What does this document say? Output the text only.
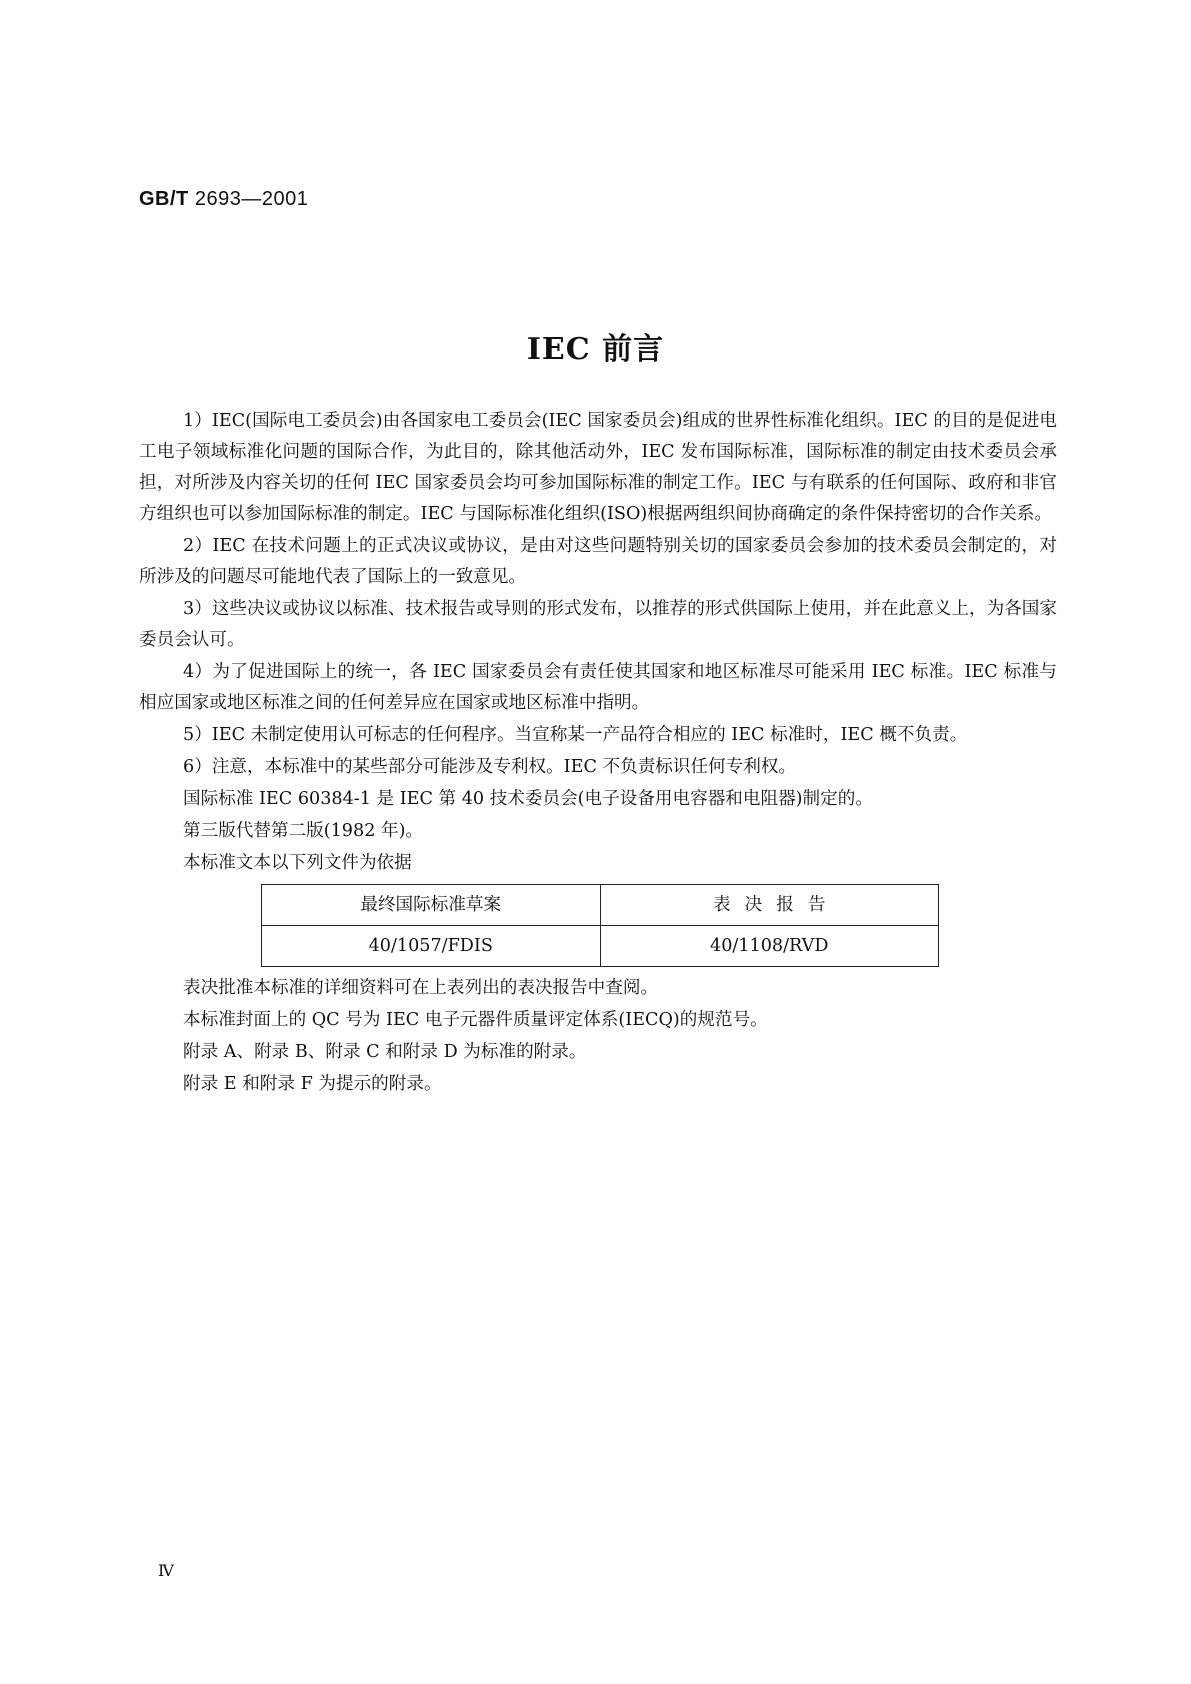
GB/T 2693—2001
IEC 前言

1）IEC(国际电工委员会)由各国家电工委员会(IEC 国家委员会)组成的世界性标准化组织。IEC 的目的是促进电工电子领域标准化问题的国际合作，为此目的，除其他活动外，IEC 发布国际标准，国际标准的制定由技术委员会承担，对所涉及内容关切的任何 IEC 国家委员会均可参加国际标准的制定工作。IEC 与有联系的任何国际、政府和非官方组织也可以参加国际标准的制定。IEC 与国际标准化组织(ISO)根据两组织间协商确定的条件保持密切的合作关系。

2）IEC 在技术问题上的正式决议或协议，是由对这些问题特别关切的国家委员会参加的技术委员会制定的，对所涉及的问题尽可能地代表了国际上的一致意见。

3）这些决议或协议以标准、技术报告或导则的形式发布，以推荐的形式供国际上使用，并在此意义上，为各国家委员会认可。

4）为了促进国际上的统一，各 IEC 国家委员会有责任使其国家和地区标准尽可能采用 IEC 标准。IEC 标准与相应国家或地区标准之间的任何差异应在国家或地区标准中指明。

5）IEC 未制定使用认可标志的任何程序。当宣称某一产品符合相应的 IEC 标准时，IEC 概不负责。

6）注意，本标准中的某些部分可能涉及专利权。IEC 不负责标识任何专利权。

国际标准 IEC 60384-1 是 IEC 第 40 技术委员会(电子设备用电容器和电阻器)制定的。

第三版代替第二版(1982 年)。

本标准文本以下列文件为依据

最终国际标准草案	表决报告
40/1057/FDIS	40/1108/RVD

表决批准本标准的详细资料可在上表列出的表决报告中查阅。

本标准封面上的 QC 号为 IEC 电子元器件质量评定体系(IECQ)的规范号。

附录 A、附录 B、附录 C 和附录 D 为标准的附录。

附录 E 和附录 F 为提示的附录。

Ⅳ
